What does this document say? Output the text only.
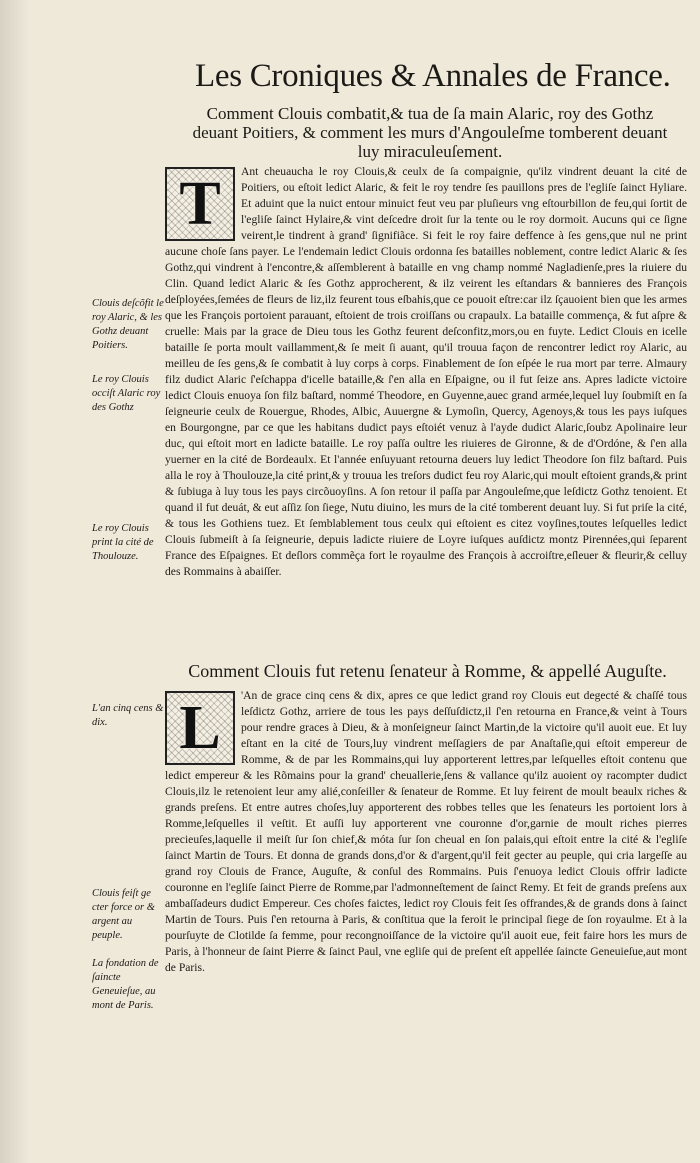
Les Croniques & Annales de France.
Comment Clouis combatit,& tua de ſa main Alaric, roy des Gothz deuant Poitiers, & comment les murs d'Angouleſme tomberent deuant luy miraculeuſement.
T	Ant cheuaucha le roy Clouis,& ceulx de ſa compaignie, qu'ilz vindrent deuant la cité de Poitiers, ou eſtoit ledict Alaric, & feit le roy tendre ſes pauillons pres de l'egliſe ſainct Hyliare. Et aduint que la nuict entour minuict feut veu par pluſieurs vng eſtourbillon de feu,qui ſortit de l'egliſe ſainct Hylaire,& vint deſcedre droit ſur la tente ou le roy dormoit. Aucuns qui ce ſigne veirent,le tindrent à grand' ſignifiãce. Si feit le roy faire deffence à ſes gens,que nul ne print aucune choſe ſans payer. Le l'endemain ledict Clouis ordonna ſes batailles noblement, contre ledict Alaric & ſes Gothz,qui vindrent à l'encontre,& aſſemblerent à bataille en vng champ nommé Nagladienſe,pres la riuiere du Clin. Quand ledict Alaric & ſes Gothz approcherent, & ilz veirent les eſtandars & bannieres des François deſployées,ſemées de fleurs de liz,ilz feurent tous eſbahis,que ce pouoit eſtre:car ilz ſçauoient bien que les armes que les François portoient parauant, eſtoient de trois croiſſans ou crapaulx. La bataille commença, & fut aſpre & cruelle: Mais par la grace de Dieu tous les Gothz feurent deſconfitz,mors,ou en fuyte. Ledict Clouis en icelle bataille ſe porta moult vaillamment,& ſe meit ſi auant, qu'il trouua façon de rencontrer ledict roy Alaric, au meilleu de ſes gens,& ſe combatit à luy corps à corps. Finablement de ſon eſpée le rua mort par terre. Almaury filz dudict Alaric ſ'eſchappa d'icelle bataille,& ſ'en alla en Eſpaigne, ou il fut ſeize ans. Apres ladicte victoire ledict Clouis enuoya ſon filz baſtard, nommé Theodore, en Guyenne,auec grand armée,lequel luy ſoubmiſt en ſa ſeigneurie ceulx de Rouergue, Rhodes, Albic, Auuergne & Lymoſin, Quercy, Agenoys,& tous les pays iuſques en Bourgongne, par ce que les habitans dudict pays eſtoiét venuz à l'ayde dudict Alaric,ſoubz Apolinaire leur duc, qui eſtoit mort en ladicte bataille. Le roy paſſa oultre les riuieres de Gironne, & de d'Ordóne, & ſ'en alla yuerner en la cité de Bordeaulx. Et l'année enſuyuant retourna deuers luy ledict Theodore ſon filz baſtard. Puis alla le roy à Thoulouze,la cité print,& y trouua les treſors dudict feu roy Alaric,qui moult eſtoient grands,& print & ſubiuga à luy tous les pays circõuoyſins. A ſon retour il paſſa par Angouleſme,que leſdictz Gothz tenoient. Et quand il fut deuát, & eut aſſiz ſon ſiege, Nutu diuino, les murs de la cité tomberent deuant luy. Si fut priſe la cité, & tous les Gothiens tuez. Et ſemblablement tous ceulx qui eſtoient es citez voyſines,toutes leſquelles ledict Clouis ſubmeiſt à ſa ſeigneurie, depuis ladicte riuiere de Loyre iuſques auſdictz montz Pirennées,qui ſeparent France des Eſpaignes. Et deſlors commẽça fort le royaulme des François à accroiſtre,eſleuer & fleurir,& celluy des Rommains à abaiſſer.
Comment Clouis fut retenu ſenateur à Romme, & appellé Auguſte.
L	'An de grace cinq cens & dix, apres ce que ledict grand roy Clouis eut degecté & chaſſé tous leſdictz Gothz, arriere de tous les pays deſſuſdictz,il ſ'en retourna en France,& veint à Tours pour rendre graces à Dieu, & à monſeigneur ſainct Martin,de la victoire qu'il auoit eue. Et luy eſtant en la cité de Tours,luy vindrent meſſagiers de par Anaſtaſie,qui eſtoit empereur de Romme, & de par les Rommains,qui luy apporterent lettres,par leſquelles eſtoit contenu que ledict empereur & les Rõmains pour la grand' cheuallerie,ſens & vallance qu'ilz auoient oy racompter dudict Clouis,ilz le retenoient leur amy alié,conſeiller & ſenateur de Romme. Et luy feirent de moult beaulx riches & grands preſens. Et entre autres choſes,luy apporterent des robbes telles que les ſenateurs les portoient lors à Romme,leſquelles il veſtit. Et auſſi luy apporterent vne couronne d'or,garnie de moult riches pierres precieuſes,laquelle il meiſt ſur ſon chief,& móta ſur ſon cheual en ſon palais,qui eſtoit entre la cité & l'egliſe ſainct Martin de Tours. Et donna de grands dons,d'or & d'argent,qu'il feit gecter au peuple, qui cria largeſſe au grand roy Clouis de France, Auguſte, & conſul des Rommains. Puis ſ'enuoya ledict Clouis offrir ladicte couronne en l'egliſe ſainct Pierre de Romme,par l'admonneſtement de ſainct Remy. Et feit de grands preſens aux ambaſſadeurs dudict Empereur. Ces choſes faictes, ledict roy Clouis feit ſes offrandes,& de grands dons à ſainct Martin de Tours. Puis ſ'en retourna à Paris, & conſtitua que la feroit le principal ſiege de ſon royaulme. Et à la pourſuyte de Clotilde ſa femme, pour recongnoiſſance de la victoire qu'il auoit eue, feit faire hors les murs de Paris, à l'honneur de ſaint Pierre & ſainct Paul, vne egliſe qui de preſent eſt appellée ſaincte Geneuieſue,aut mont de Paris.
Clouis deſcõfit le roy Alaric, & les Gothz deuant Poitiers.
Le roy Clouis occiſt Alaric roy des Gothz
Le roy Clouis print la cité de Thoulouze.
L'an cinq cens & dix.
Clouis feiſt ge cter force or & argent au peuple.
La fondation de ſaincte Geneuieſue, au mont de Paris.
